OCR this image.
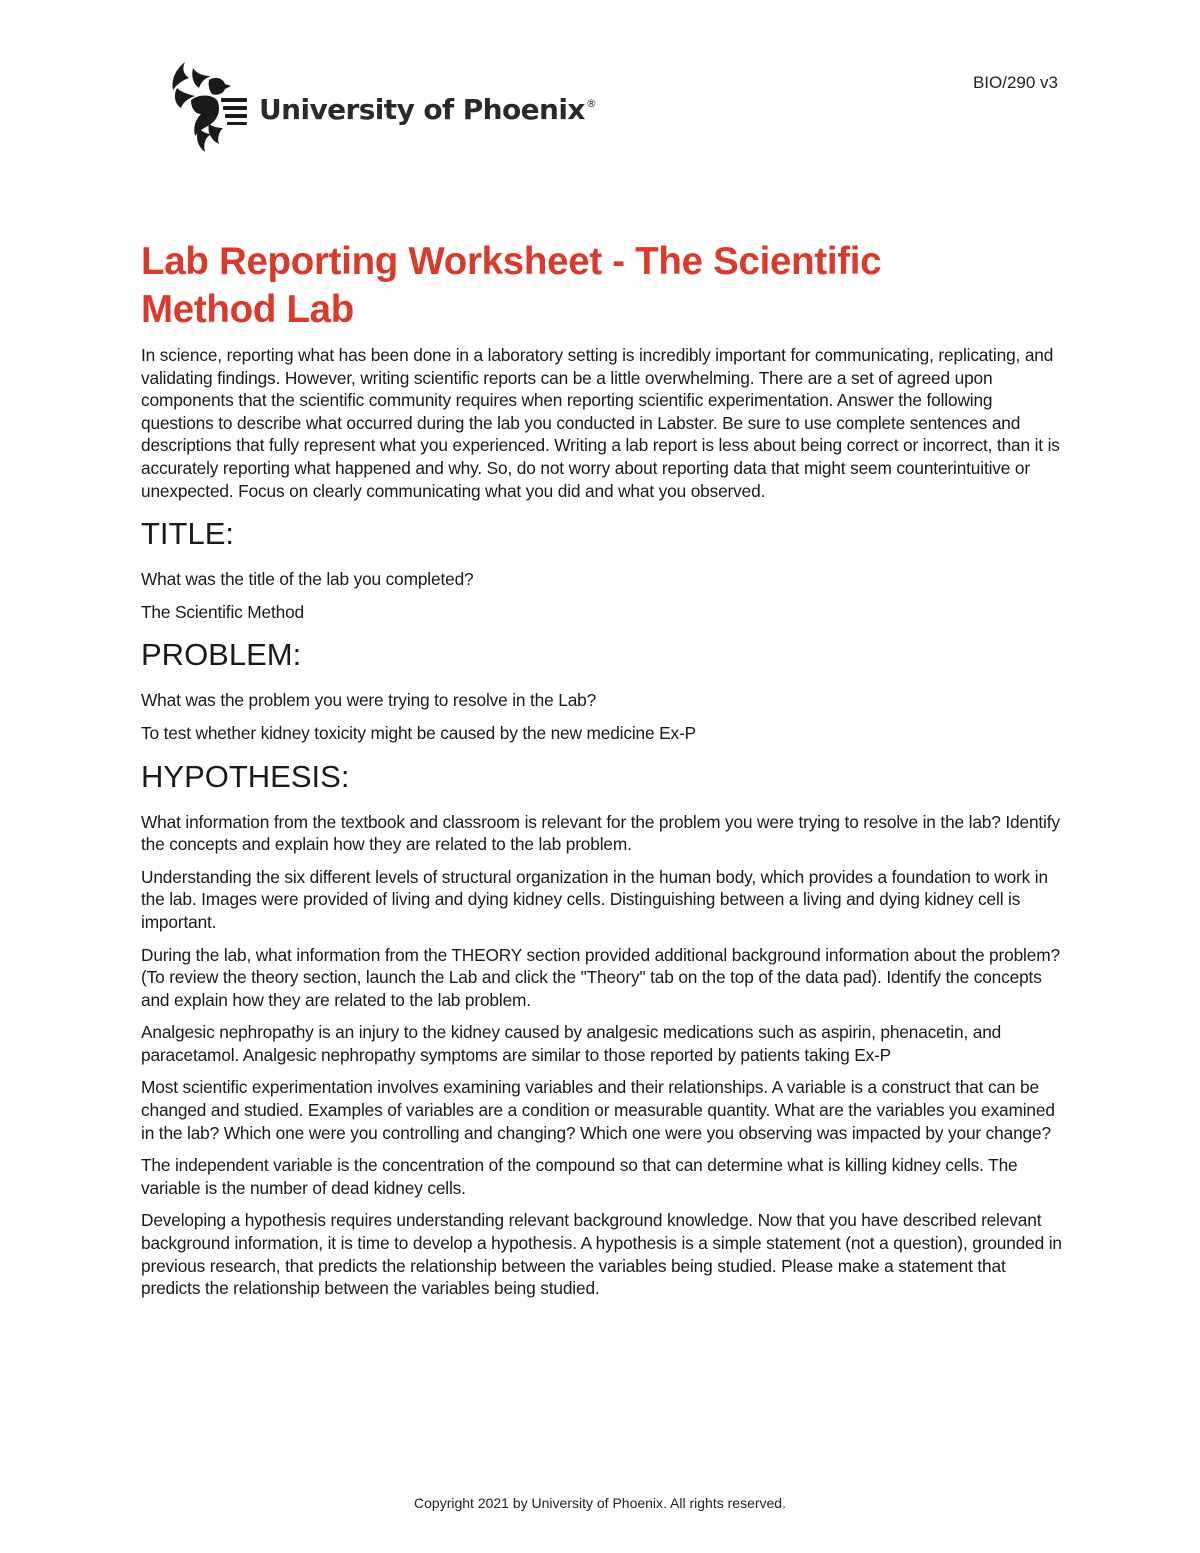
BIO/290 v3
University of Phoenix®
Lab Reporting Worksheet - The Scientific
Method Lab

In science, reporting what has been done in a laboratory setting is incredibly important for communicating, replicating, and validating findings. However, writing scientific reports can be a little overwhelming. There are a set of agreed upon components that the scientific community requires when reporting scientific experimentation. Answer the following questions to describe what occurred during the lab you conducted in Labster. Be sure to use complete sentences and descriptions that fully represent what you experienced. Writing a lab report is less about being correct or incorrect, than it is accurately reporting what happened and why. So, do not worry about reporting data that might seem counterintuitive or unexpected. Focus on clearly communicating what you did and what you observed.

TITLE:

What was the title of the lab you completed?

The Scientific Method

PROBLEM:

What was the problem you were trying to resolve in the Lab?

To test whether kidney toxicity might be caused by the new medicine Ex-P

HYPOTHESIS:

What information from the textbook and classroom is relevant for the problem you were trying to resolve in the lab? Identify the concepts and explain how they are related to the lab problem.

Understanding the six different levels of structural organization in the human body, which provides a foundation to work in the lab. Images were provided of living and dying kidney cells. Distinguishing between a living and dying kidney cell is important.

During the lab, what information from the THEORY section provided additional background information about the problem? (To review the theory section, launch the Lab and click the "Theory" tab on the top of the data pad). Identify the concepts and explain how they are related to the lab problem.

Analgesic nephropathy is an injury to the kidney caused by analgesic medications such as aspirin, phenacetin, and paracetamol. Analgesic nephropathy symptoms are similar to those reported by patients taking Ex-P

Most scientific experimentation involves examining variables and their relationships. A variable is a construct that can be changed and studied. Examples of variables are a condition or measurable quantity. What are the variables you examined in the lab? Which one were you controlling and changing? Which one were you observing was impacted by your change?

The independent variable is the concentration of the compound so that can determine what is killing kidney cells. The variable is the number of dead kidney cells.

Developing a hypothesis requires understanding relevant background knowledge. Now that you have described relevant background information, it is time to develop a hypothesis. A hypothesis is a simple statement (not a question), grounded in previous research, that predicts the relationship between the variables being studied. Please make a statement that predicts the relationship between the variables being studied.

Copyright 2021 by University of Phoenix. All rights reserved.
